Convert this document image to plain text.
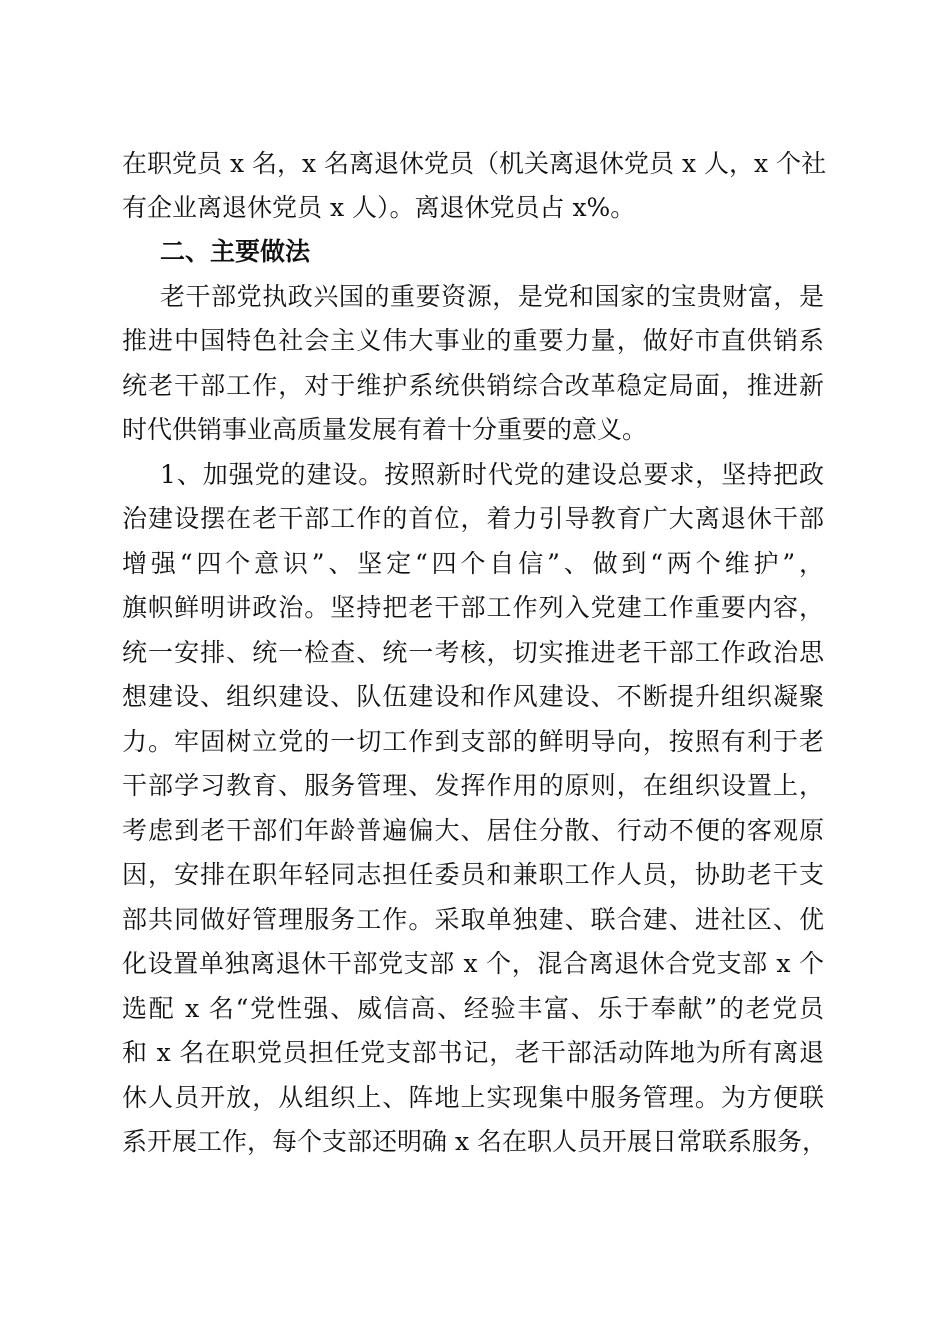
在职党员 x 名，x 名离退休党员（机关离退休党员 x 人，x 个社
有企业离退休党员 x 人）。离退休党员占 x%。
二、主要做法
老干部党执政兴国的重要资源，是党和国家的宝贵财富，是
推进中国特色社会主义伟大事业的重要力量，做好市直供销系
统老干部工作，对于维护系统供销综合改革稳定局面，推进新
时代供销事业高质量发展有着十分重要的意义。
1、加强党的建设。按照新时代党的建设总要求，坚持把政
治建设摆在老干部工作的首位，着力引导教育广大离退休干部
增强“四个意识”、坚定“四个自信”、做到“两个维护”，
旗帜鲜明讲政治。坚持把老干部工作列入党建工作重要内容，
统一安排、统一检查、统一考核，切实推进老干部工作政治思
想建设、组织建设、队伍建设和作风建设、不断提升组织凝聚
力。牢固树立党的一切工作到支部的鲜明导向，按照有利于老
干部学习教育、服务管理、发挥作用的原则，在组织设置上，
考虑到老干部们年龄普遍偏大、居住分散、行动不便的客观原
因，安排在职年轻同志担任委员和兼职工作人员，协助老干支
部共同做好管理服务工作。采取单独建、联合建、进社区、优
化设置单独离退休干部党支部 x 个，混合离退休合党支部 x 个
选配 x 名“党性强、威信高、经验丰富、乐于奉献”的老党员
和 x 名在职党员担任党支部书记，老干部活动阵地为所有离退
休人员开放，从组织上、阵地上实现集中服务管理。为方便联
系开展工作，每个支部还明确 x 名在职人员开展日常联系服务，
